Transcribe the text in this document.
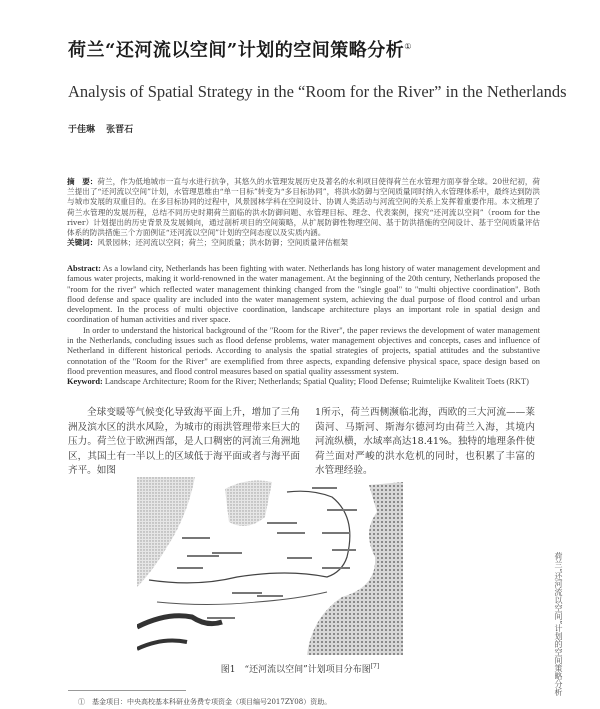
荷兰“还河流以空间”计划的空间策略分析①
Analysis of Spatial Strategy in the “Room for the River” in the Netherlands
于佳琳 张晋石
摘　要：荷兰，作为低地城市一直与水进行抗争，其悠久的水管理发展历史及著名的水利项目使得荷兰在水管理方面享誉全球。20世纪初，荷兰提出了“还河流以空间”计划，水管理思维由“单一目标”转变为“多目标协同”，将洪水防御与空间质量同时纳入水管理体系中，最终达到防洪与城市发展的双重目的。在多目标协同的过程中，风景园林学科在空间设计、协调人类活动与河流空间的关系上发挥着重要作用。本文梳理了荷兰水管理的发展历程，总结不同历史时期荷兰面临的洪水防御问题、水管理目标、理念、代表案例，探究“还河流以空间”（room for the river）计划提出的历史背景及发展倾向，通过剖析项目的空间策略，从扩展防御性物理空间、基于防洪措施的空间设计、基于空间质量评估体系的防洪措施三个方面例证“还河流以空间”计划的空间态度以及实质内涵。
关键词：风景园林；还河流以空间；荷兰；空间质量；洪水防御；空间质量评估框架

Abstract: As a lowland city, Netherlands has been fighting with water. Netherlands has long history of water management development and famous water projects, making it world-renowned in the water management. At the beginning of the 20th century, Netherlands proposed the "room for the river" which reflected water management thinking changed from the "single goal" to "multi objective coordination". Both flood defense and space quality are included into the water management system, achieving the dual purpose of flood control and urban development. In the process of multi objective coordination, landscape architecture plays an important role in spatial design and coordination of human activities and river space.

In order to understand the historical background of the "Room for the River", the paper reviews the development of water management in the Netherlands, concluding issues such as flood defense problems, water management objectives and concepts, cases and influence of Netherland in different historical periods. According to analysis the spatial strategies of projects, spatial attitudes and the substantive connotation of the "Room for the River" are exemplified from three aspects, expanding defensive physical space, space design based on flood prevention measures, and flood control measures based on spatial quality assessment system.

Keyword: Landscape Architecture; Room for the River; Netherlands; Spatial Quality; Flood Defense; Ruimtelijke Kwaliteit Toets (RKT)

全球变暖等气候变化导致海平面上升，增加了三角洲及滨水区的洪水风险，为城市的雨洪管理带来巨大的压力。荷兰位于欧洲西部，是人口稠密的河流三角洲地区，其国土有一半以上的区域低于海平面或者与海平面齐平。如图
1所示，荷兰西侧濒临北海，西欧的三大河流——莱茵河、马斯河、斯海尔德河均由荷兰入海，其境内河流纵横，水域率高达18.41%。独特的地理条件使荷兰面对严峻的洪水危机的同时，也积累了丰富的水管理经验。
图1　“还河流以空间”计划项目分布图[7]
①　基金项目：中央高校基本科研业务费专项资金（项目编号2017ZY08）资助。
荷兰“还河流以空间”计划的空间策略分析
